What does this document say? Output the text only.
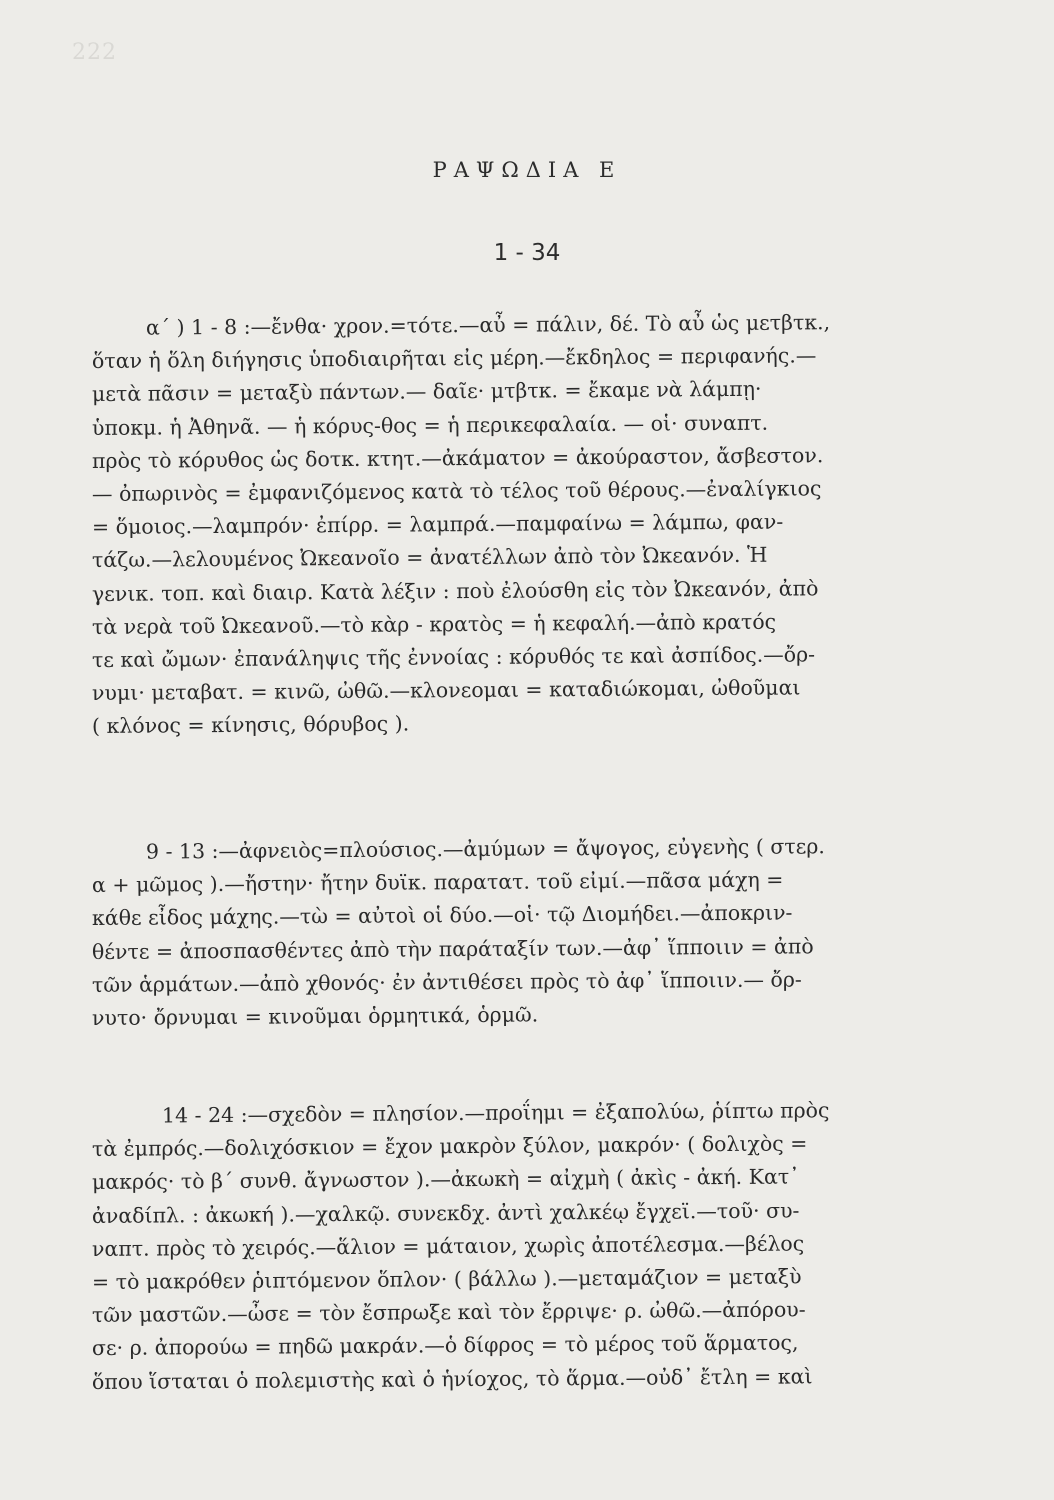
222
ΡΑΨΩΔΙΑ Ε
1 - 34
α΄ ) 1 - 8 :—ἔνθα· χρον.=τότε.—αὖ = πάλιν, δέ. Τὸ αὖ ὡς μετβτκ.,
ὅταν ἡ ὅλη διήγησις ὑποδιαιρῆται εἰς μέρη.—ἔκδηλος = περιφανής.—
μετὰ πᾶσιν = μεταξὺ πάντων.— δαῖε· μτβτκ. = ἔκαμε νὰ λάμπῃ·
ὑποκμ. ἡ Ἀθηνᾶ. — ἡ κόρυς-θος = ἡ περικεφαλαία. — οἱ· συναπτ.
πρὸς τὸ κόρυθος ὡς δοτκ. κτητ.—ἀκάματον = ἀκούραστον, ἄσβεστον.
— ὀπωρινὸς = ἐμφανιζόμενος κατὰ τὸ τέλος τοῦ θέρους.—ἐναλίγκιος
= ὅμοιος.—λαμπρόν· ἐπίρρ. = λαμπρά.—παμφαίνω = λάμπω, φαν-
τάζω.—λελουμένος Ὠκεανοῖο = ἀνατέλλων ἀπὸ τὸν Ὠκεανόν. Ἡ
γενικ. τοπ. καὶ διαιρ. Κατὰ λέξιν : ποὺ ἐλούσθη εἰς τὸν Ὠκεανόν, ἀπὸ
τὰ νερὰ τοῦ Ὠκεανοῦ.—τὸ κὰρ - κρατὸς = ἡ κεφαλή.—ἀπὸ κρατός
τε καὶ ὤμων· ἐπανάληψις τῆς ἐννοίας : κόρυθός τε καὶ ἀσπίδος.—ὄρ-
νυμι· μεταβατ. = κινῶ, ὠθῶ.—κλονεομαι = καταδιώκομαι, ὠθοῦμαι
( κλόνος = κίνησις, θόρυβος ).
9 - 13 :—ἀφνειὸς=πλούσιος.—ἀμύμων = ἄψογος, εὐγενὴς ( στερ.
α + μῶμος ).—ἤστην· ἤτην δυϊκ. παρατατ. τοῦ εἰμί.—πᾶσα μάχη =
κάθε εἶδος μάχης.—τὼ = αὐτοὶ οἱ δύο.—οἱ· τῷ Διομήδει.—ἀποκριν-
θέντε = ἀποσπασθέντες ἀπὸ τὴν παράταξίν των.—ἀφ᾽ ἵπποιιν = ἀπὸ
τῶν ἁρμάτων.—ἀπὸ χθονός· ἐν ἀντιθέσει πρὸς τὸ ἀφ᾽ ἵπποιιν.— ὄρ-
νυτο· ὄρνυμαι = κινοῦμαι ὁρμητικά, ὁρμῶ.
14 - 24 :—σχεδὸν = πλησίον.—προΐημι = ἐξαπολύω, ῥίπτω πρὸς
τὰ ἐμπρός.—δολιχόσκιον = ἔχον μακρὸν ξύλον, μακρόν· ( δολιχὸς =
μακρός· τὸ β΄ συνθ. ἄγνωστον ).—ἀκωκὴ = αἰχμὴ ( ἀκὶς - ἀκή. Κατ᾽
ἀναδίπλ. : ἀκωκή ).—χαλκῷ. συνεκδχ. ἀντὶ χαλκέῳ ἔγχεϊ.—τοῦ· συ-
ναπτ. πρὸς τὸ χειρός.—ἅλιον = μάταιον, χωρὶς ἀποτέλεσμα.—βέλος
= τὸ μακρόθεν ῥιπτόμενον ὅπλον· ( βάλλω ).—μεταμάζιον = μεταξὺ
τῶν μαστῶν.—ὦσε = τὸν ἔσπρωξε καὶ τὸν ἔρριψε· ρ. ὠθῶ.—ἀπόρου-
σε· ρ. ἀπορούω = πηδῶ μακράν.—ὁ δίφρος = τὸ μέρος τοῦ ἅρματος,
ὅπου ἵσταται ὁ πολεμιστὴς καὶ ὁ ἡνίοχος, τὸ ἅρμα.—οὐδ᾽ ἔτλη = καὶ
